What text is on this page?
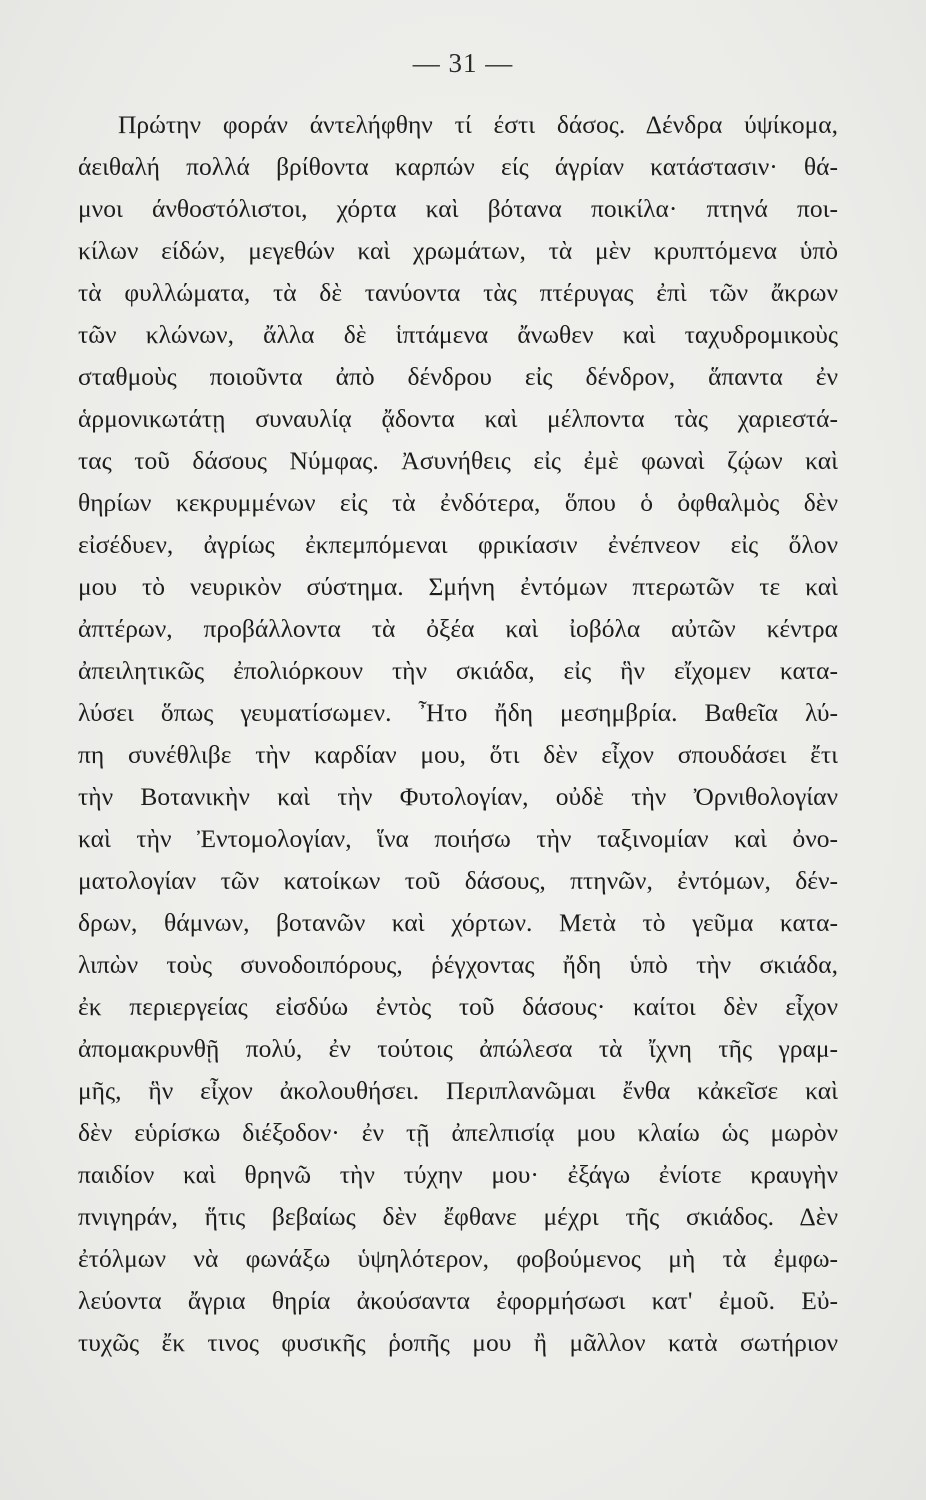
— 31 —
Πρώτην φοράν άντελήφθην τί έστι δάσος. Δένδρα ύψίκομα,
άειθαλή πολλά βρίθοντα καρπών είς άγρίαν κατάστασιν· θά-
μνοι άνθοστόλιστοι, χόρτα καὶ βότανα ποικίλα· πτηνά ποι-
κίλων είδών, μεγεθών καὶ χρωμάτων, τὰ μὲν κρυπτόμενα ὑπὸ
τὰ φυλλώματα, τὰ δὲ τανύοντα τὰς πτέρυγας ἐπὶ τῶν ἄκρων
τῶν κλώνων, ἄλλα δὲ ἱπτάμενα ἄνωθεν καὶ ταχυδρομικοὺς
σταθμοὺς ποιοῦντα ἀπὸ δένδρου εἰς δένδρον, ἅπαντα ἐν
ἁρμονικωτάτῃ συναυλίᾳ ᾄδοντα καὶ μέλποντα τὰς χαριεστά-
τας τοῦ δάσους Νύμφας. Ἀσυνήθεις εἰς ἐμὲ φωναὶ ζῴων καὶ
θηρίων κεκρυμμένων εἰς τὰ ἐνδότερα, ὅπου ὁ ὀφθαλμὸς δὲν
εἰσέδυεν, ἀγρίως ἐκπεμπόμεναι φρικίασιν ἐνέπνεον εἰς ὅλον
μου τὸ νευρικὸν σύστημα. Σμήνη ἐντόμων πτερωτῶν τε καὶ
ἀπτέρων, προβάλλοντα τὰ ὀξέα καὶ ἰοβόλα αὐτῶν κέντρα
ἀπειλητικῶς ἐπολιόρκουν τὴν σκιάδα, εἰς ἣν εἴχομεν κατα-
λύσει ὅπως γευματίσωμεν. Ἦτο ἤδη μεσημβρία. Βαθεῖα λύ-
πη συνέθλιβε τὴν καρδίαν μου, ὅτι δὲν εἶχον σπουδάσει ἔτι
τὴν Βοτανικὴν καὶ τὴν Φυτολογίαν, οὐδὲ τὴν Ὀρνιθολογίαν
καὶ τὴν Ἐντομολογίαν, ἵνα ποιήσω τὴν ταξινομίαν καὶ ὀνο-
ματολογίαν τῶν κατοίκων τοῦ δάσους, πτηνῶν, ἐντόμων, δέν-
δρων, θάμνων, βοτανῶν καὶ χόρτων. Μετὰ τὸ γεῦμα κατα-
λιπὼν τοὺς συνοδοιπόρους, ῥέγχοντας ἤδη ὑπὸ τὴν σκιάδα,
ἐκ περιεργείας εἰσδύω ἐντὸς τοῦ δάσους· καίτοι δὲν εἶχον
ἀπομακρυνθῇ πολύ, ἐν τούτοις ἀπώλεσα τὰ ἴχνη τῆς γραμ-
μῆς, ἣν εἶχον ἀκολουθήσει. Περιπλανῶμαι ἔνθα κἀκεῖσε καὶ
δὲν εὑρίσκω διέξοδον· ἐν τῇ ἀπελπισίᾳ μου κλαίω ὡς μωρὸν
παιδίον καὶ θρηνῶ τὴν τύχην μου· ἐξάγω ἐνίοτε κραυγὴν
πνιγηράν, ἥτις βεβαίως δὲν ἔφθανε μέχρι τῆς σκιάδος. Δὲν
ἐτόλμων νὰ φωνάξω ὑψηλότερον, φοβούμενος μὴ τὰ ἐμφω-
λεύοντα ἄγρια θηρία ἀκούσαντα ἐφορμήσωσι κατ' ἐμοῦ. Εὐ-
τυχῶς ἔκ τινος φυσικῆς ῥοπῆς μου ἢ μᾶλλον κατὰ σωτήριον
